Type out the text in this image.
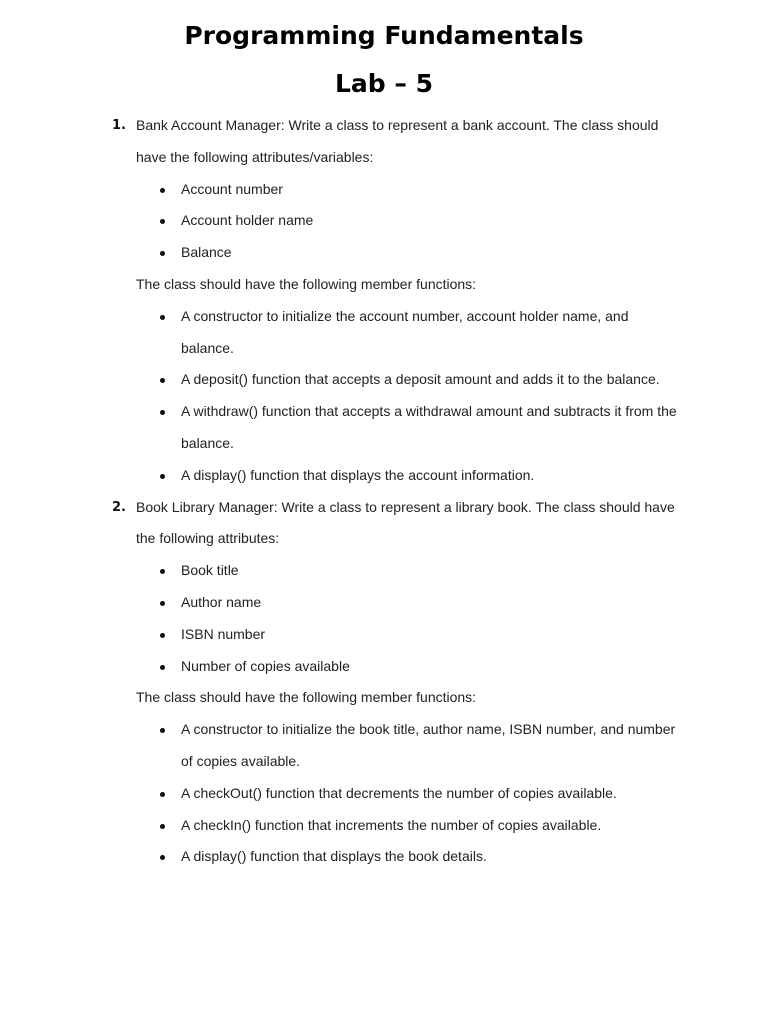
Programming Fundamentals
Lab – 5
1. Bank Account Manager: Write a class to represent a bank account. The class should have the following attributes/variables:

Account number
Account holder name
Balance

The class should have the following member functions:

A constructor to initialize the account number, account holder name, and balance.
A deposit() function that accepts a deposit amount and adds it to the balance.
A withdraw() function that accepts a withdrawal amount and subtracts it from the balance.
A display() function that displays the account information.
2. Book Library Manager: Write a class to represent a library book. The class should have the following attributes:

Book title
Author name
ISBN number
Number of copies available

The class should have the following member functions:

A constructor to initialize the book title, author name, ISBN number, and number of copies available.
A checkOut() function that decrements the number of copies available.
A checkIn() function that increments the number of copies available.
A display() function that displays the book details.
